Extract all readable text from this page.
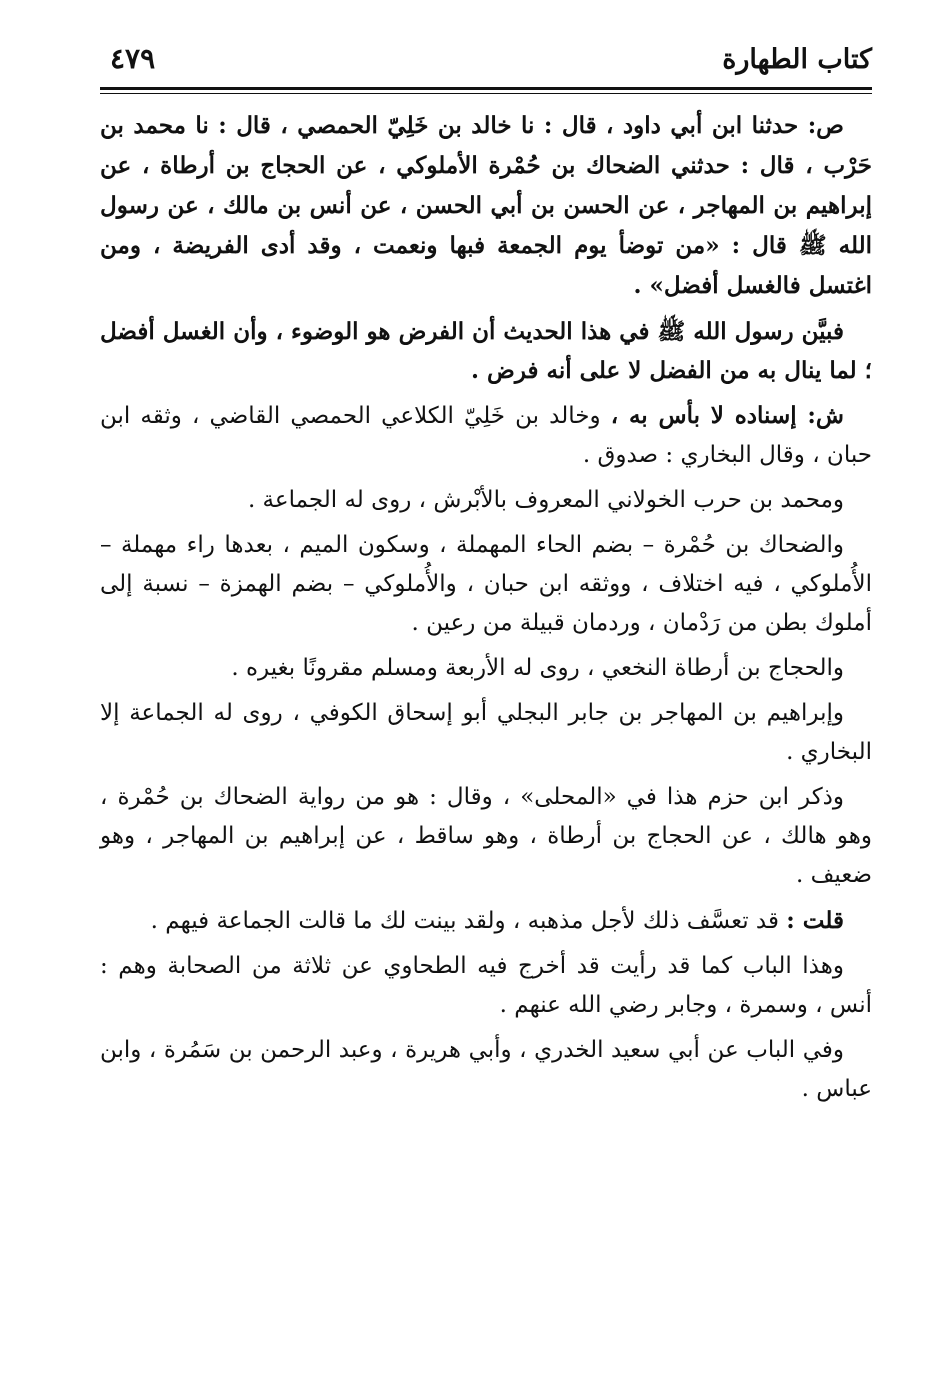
كتاب الطهارة
٤٧٩

ص: حدثنا ابن أبي داود ، قال : نا خالد بن خَلِيّ الحمصي ، قال : نا محمد بن حَرْب ، قال : حدثني الضحاك بن حُمْرة الأملوكي ، عن الحجاج بن أرطاة ، عن إبراهيم بن المهاجر ، عن الحسن بن أبي الحسن ، عن أنس بن مالك ، عن رسول الله ﷺ قال : «من توضأ يوم الجمعة فبها ونعمت ، وقد أدى الفريضة ، ومن اغتسل فالغسل أفضل» .

فبيَّن رسول الله ﷺ في هذا الحديث أن الفرض هو الوضوء ، وأن الغسل أفضل ؛ لما ينال به من الفضل لا على أنه فرض .

ش: إسناده لا بأس به ، وخالد بن خَلِيّ الكلاعي الحمصي القاضي ، وثقه ابن حبان ، وقال البخاري : صدوق .

ومحمد بن حرب الخولاني المعروف بالأبْرش ، روى له الجماعة .

والضحاك بن حُمْرة – بضم الحاء المهملة ، وسكون الميم ، بعدها راء مهملة – الأُملوكي ، فيه اختلاف ، ووثقه ابن حبان ، والأُملوكي – بضم الهمزة – نسبة إلى أملوك بطن من رَدْمان ، وردمان قبيلة من رعين .

والحجاج بن أرطاة النخعي ، روى له الأربعة ومسلم مقرونًا بغيره .

وإبراهيم بن المهاجر بن جابر البجلي أبو إسحاق الكوفي ، روى له الجماعة إلا البخاري .

وذكر ابن حزم هذا في «المحلى» ، وقال : هو من رواية الضحاك بن حُمْرة ، وهو هالك ، عن الحجاج بن أرطاة ، وهو ساقط ، عن إبراهيم بن المهاجر ، وهو ضعيف .

قلت : قد تعسَّف ذلك لأجل مذهبه ، ولقد بينت لك ما قالت الجماعة فيهم .

وهذا الباب كما قد رأيت قد أخرج فيه الطحاوي عن ثلاثة من الصحابة وهم : أنس ، وسمرة ، وجابر رضي الله عنهم .

وفي الباب عن أبي سعيد الخدري ، وأبي هريرة ، وعبد الرحمن بن سَمُرة ، وابن عباس .
